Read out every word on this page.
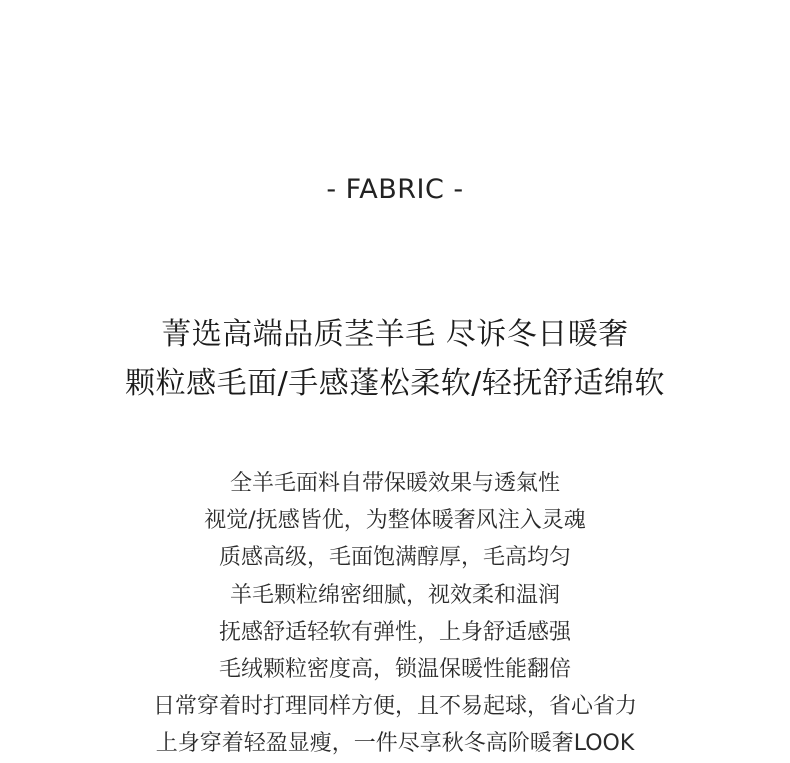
- FABRIC -
菁选高端品质茎羊毛 尽诉冬日暖奢
颗粒感毛面/手感蓬松柔软/轻抚舒适绵软
全羊毛面料自带保暖效果与透氣性
视觉/抚感皆优，为整体暖奢风注入灵魂
质感高级，毛面饱满醇厚，毛高均匀
羊毛颗粒绵密细腻，视效柔和温润
抚感舒适轻软有弹性，上身舒适感强
毛绒颗粒密度高，锁温保暖性能翻倍
日常穿着时打理同样方便，且不易起球，省心省力
上身穿着轻盈显瘦，一件尽享秋冬高阶暖奢LOOK
